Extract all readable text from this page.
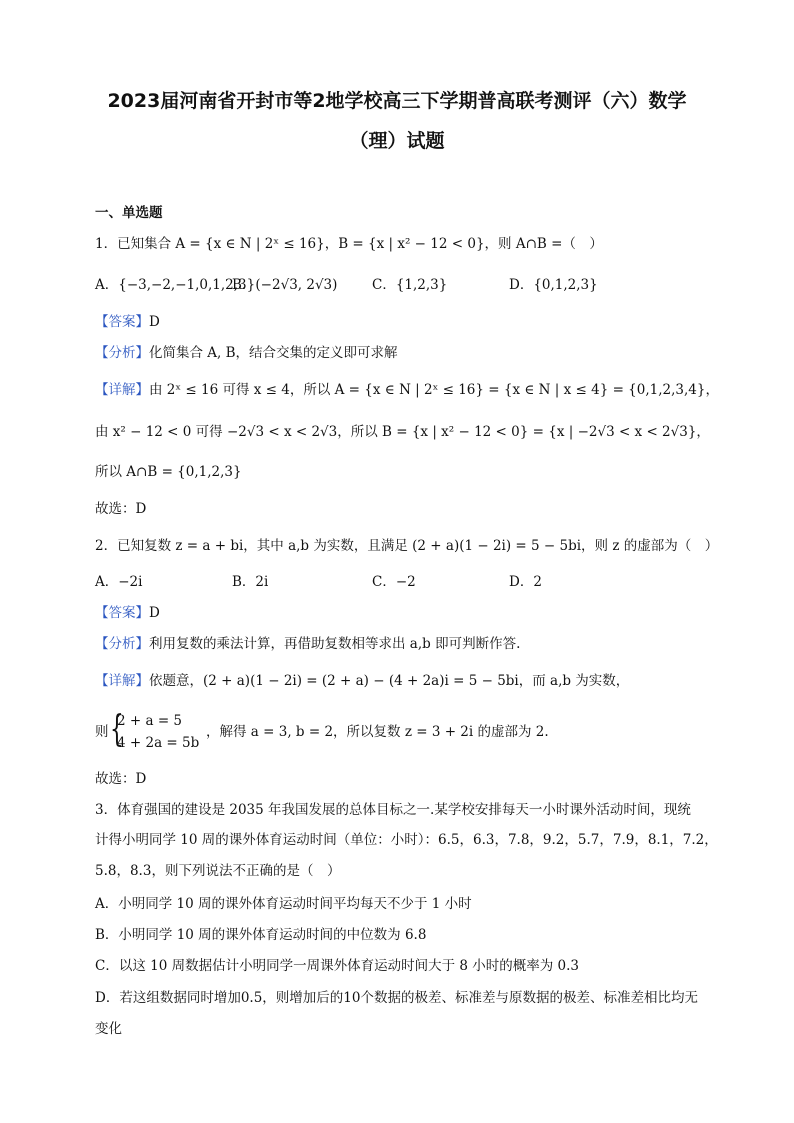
2023届河南省开封市等2地学校高三下学期普高联考测评（六）数学
（理）试题
一、单选题
1．已知集合 A = {x ∈ N | 2ˣ ≤ 16}，B = {x | x² − 12 < 0}，则 A∩B =（　）
A．{−3,−2,−1,0,1,2,3}
B．(−2√3, 2√3)	C．{1,2,3}	D．{0,1,2,3}
【答案】D
【分析】化简集合 A, B，结合交集的定义即可求解
【详解】由 2ˣ ≤ 16 可得 x ≤ 4，所以 A = {x ∈ N | 2ˣ ≤ 16} = {x ∈ N | x ≤ 4} = {0,1,2,3,4}，
由 x² − 12 < 0 可得 −2√3 < x < 2√3，所以 B = {x | x² − 12 < 0} = {x | −2√3 < x < 2√3}，
所以 A∩B = {0,1,2,3}
故选：D
2．已知复数 z = a + bi，其中 a,b 为实数，且满足 (2 + a)(1 − 2i) = 5 − 5bi，则 z 的虚部为（　）
A．−2i	B．2i	C．−2	D．2
【答案】D
【分析】利用复数的乘法计算，再借助复数相等求出 a,b 即可判断作答.
【详解】依题意，(2 + a)(1 − 2i) = (2 + a) − (4 + 2a)i = 5 − 5bi，而 a,b 为实数，
则 {
2 + a = 5
4 + 2a = 5b
，解得 a = 3, b = 2，所以复数 z = 3 + 2i 的虚部为 2.
故选：D
3．体育强国的建设是 2035 年我国发展的总体目标之一.某学校安排每天一小时课外活动时间，现统
计得小明同学 10 周的课外体育运动时间（单位：小时）：6.5，6.3，7.8，9.2，5.7，7.9，8.1，7.2，
5.8，8.3，则下列说法不正确的是（　）
A．小明同学 10 周的课外体育运动时间平均每天不少于 1 小时
B．小明同学 10 周的课外体育运动时间的中位数为 6.8
C．以这 10 周数据估计小明同学一周课外体育运动时间大于 8 小时的概率为 0.3
D．若这组数据同时增加0.5，则增加后的10个数据的极差、标准差与原数据的极差、标准差相比均无
变化
